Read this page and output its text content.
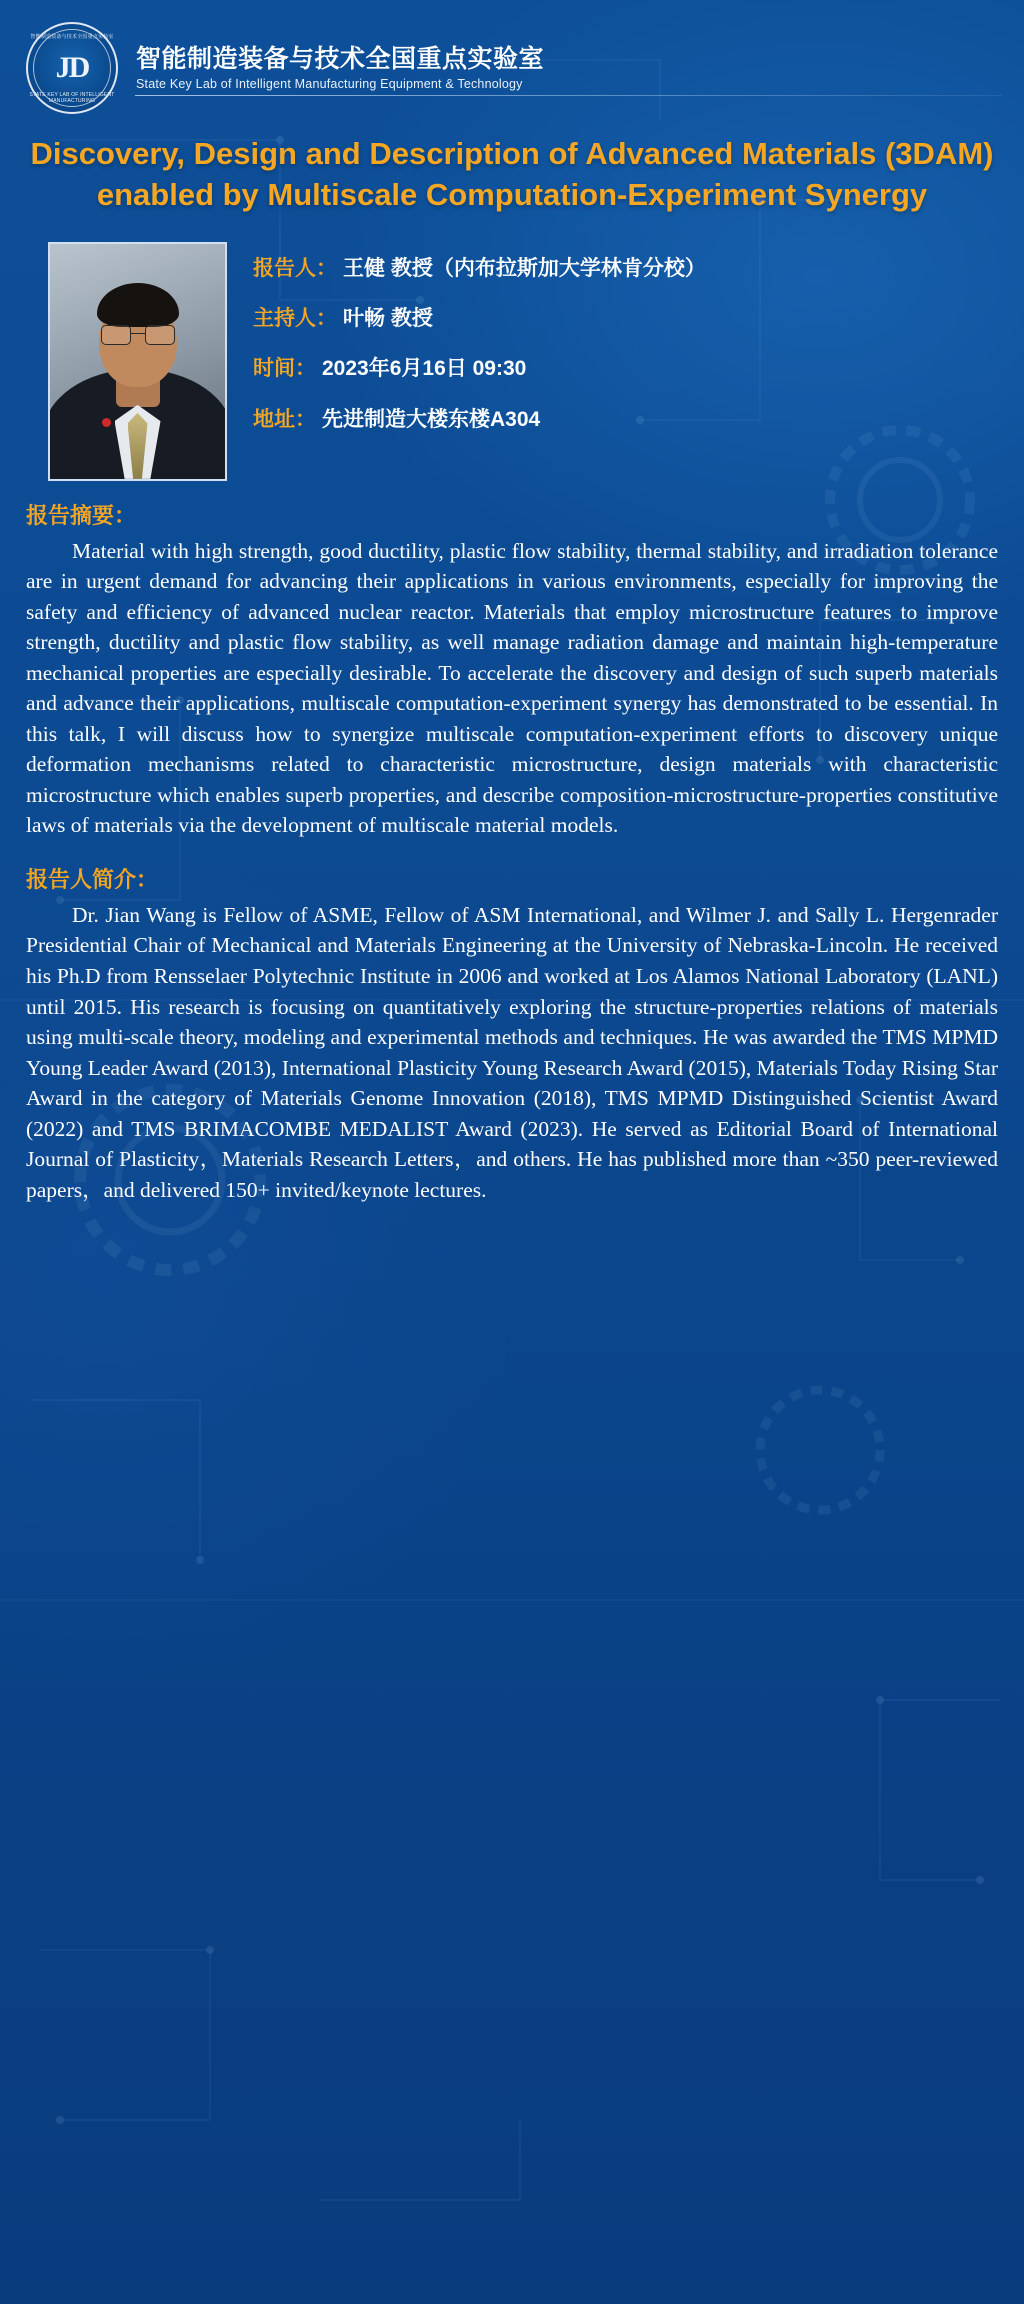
智能制造装备与技术全国重点实验室
JD
STATE KEY LAB OF INTELLIGENT MANUFACTURING
智能制造装备与技术全国重点实验室
State Key Lab of Intelligent Manufacturing Equipment & Technology
Discovery, Design and Description of Advanced Materials (3DAM) enabled by Multiscale Computation-Experiment Synergy
报告人： 王健 教授（内布拉斯加大学林肯分校）
主持人： 叶畅 教授
时间： 2023年6月16日 09:30
地址： 先进制造大楼东楼A304
报告摘要：

Material with high strength, good ductility, plastic flow stability, thermal stability, and irradiation tolerance are in urgent demand for advancing their applications in various environments, especially for improving the safety and efficiency of advanced nuclear reactor. Materials that employ microstructure features to improve strength, ductility and plastic flow stability, as well manage radiation damage and maintain high-temperature mechanical properties are especially desirable. To accelerate the discovery and design of such superb materials and advance their applications, multiscale computation-experiment synergy has demonstrated to be essential. In this talk, I will discuss how to synergize multiscale computation-experiment efforts to discovery unique deformation mechanisms related to characteristic microstructure, design materials with characteristic microstructure which enables superb properties, and describe composition-microstructure-properties constitutive laws of materials via the development of multiscale material models.

报告人简介：

Dr. Jian Wang is Fellow of ASME, Fellow of ASM International, and Wilmer J. and Sally L. Hergenrader Presidential Chair of Mechanical and Materials Engineering at the University of Nebraska-Lincoln. He received his Ph.D from Rensselaer Polytechnic Institute in 2006 and worked at Los Alamos National Laboratory (LANL) until 2015. His research is focusing on quantitatively exploring the structure-properties relations of materials using multi-scale theory, modeling and experimental methods and techniques. He was awarded the TMS MPMD Young Leader Award (2013), International Plasticity Young Research Award (2015), Materials Today Rising Star Award in the category of Materials Genome Innovation (2018), TMS MPMD Distinguished Scientist Award (2022) and TMS BRIMACOMBE MEDALIST Award (2023). He served as Editorial Board of International Journal of Plasticity，Materials Research Letters，and others. He has published more than ~350 peer-reviewed papers，and delivered 150+ invited/keynote lectures.
